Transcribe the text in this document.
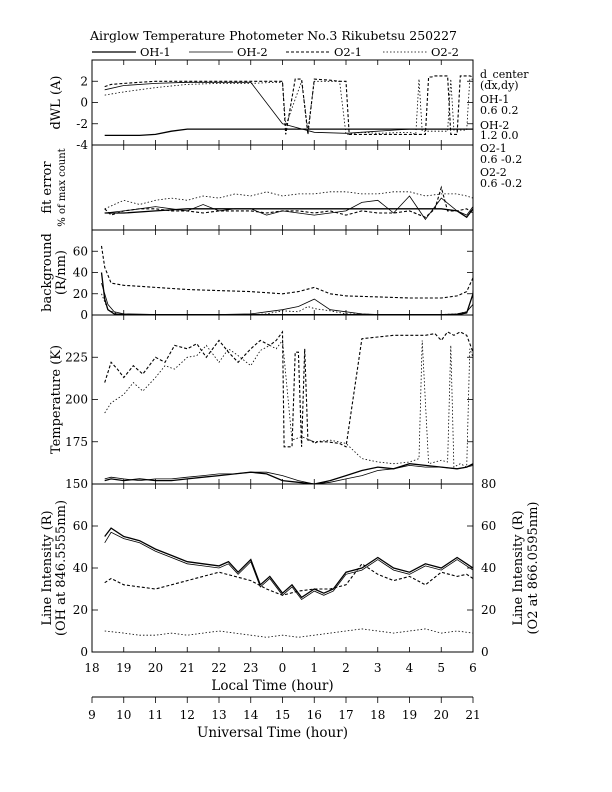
Airglow Temperature Photometer No.3 Rikubetsu 250227
OH-1	OH-2	O2-1	O2-2
d_center
(dx,dy)
OH-1
0.6 0.2
OH-2
1.2 0.0
O2-1
0.6 -0.2
O2-2
0.6 -0.2
-4
-2
0
2
dWL (A)
fit error % of max count
0
20
40
60
background (R/nm)
150
175
200
225
Temperature (K)
0
20
40
60
0
20
40
60
80
Line Intensity (R) (OH at 846.5555nm)	Line Intensity (R) (O2 at 866.0595nm)
18 19 20 21 22 23 0 1 2 3 4 5 6
Local Time (hour)
9 10 11 12 13 14 15 16 17 18 19 20 21
Universal Time (hour)
